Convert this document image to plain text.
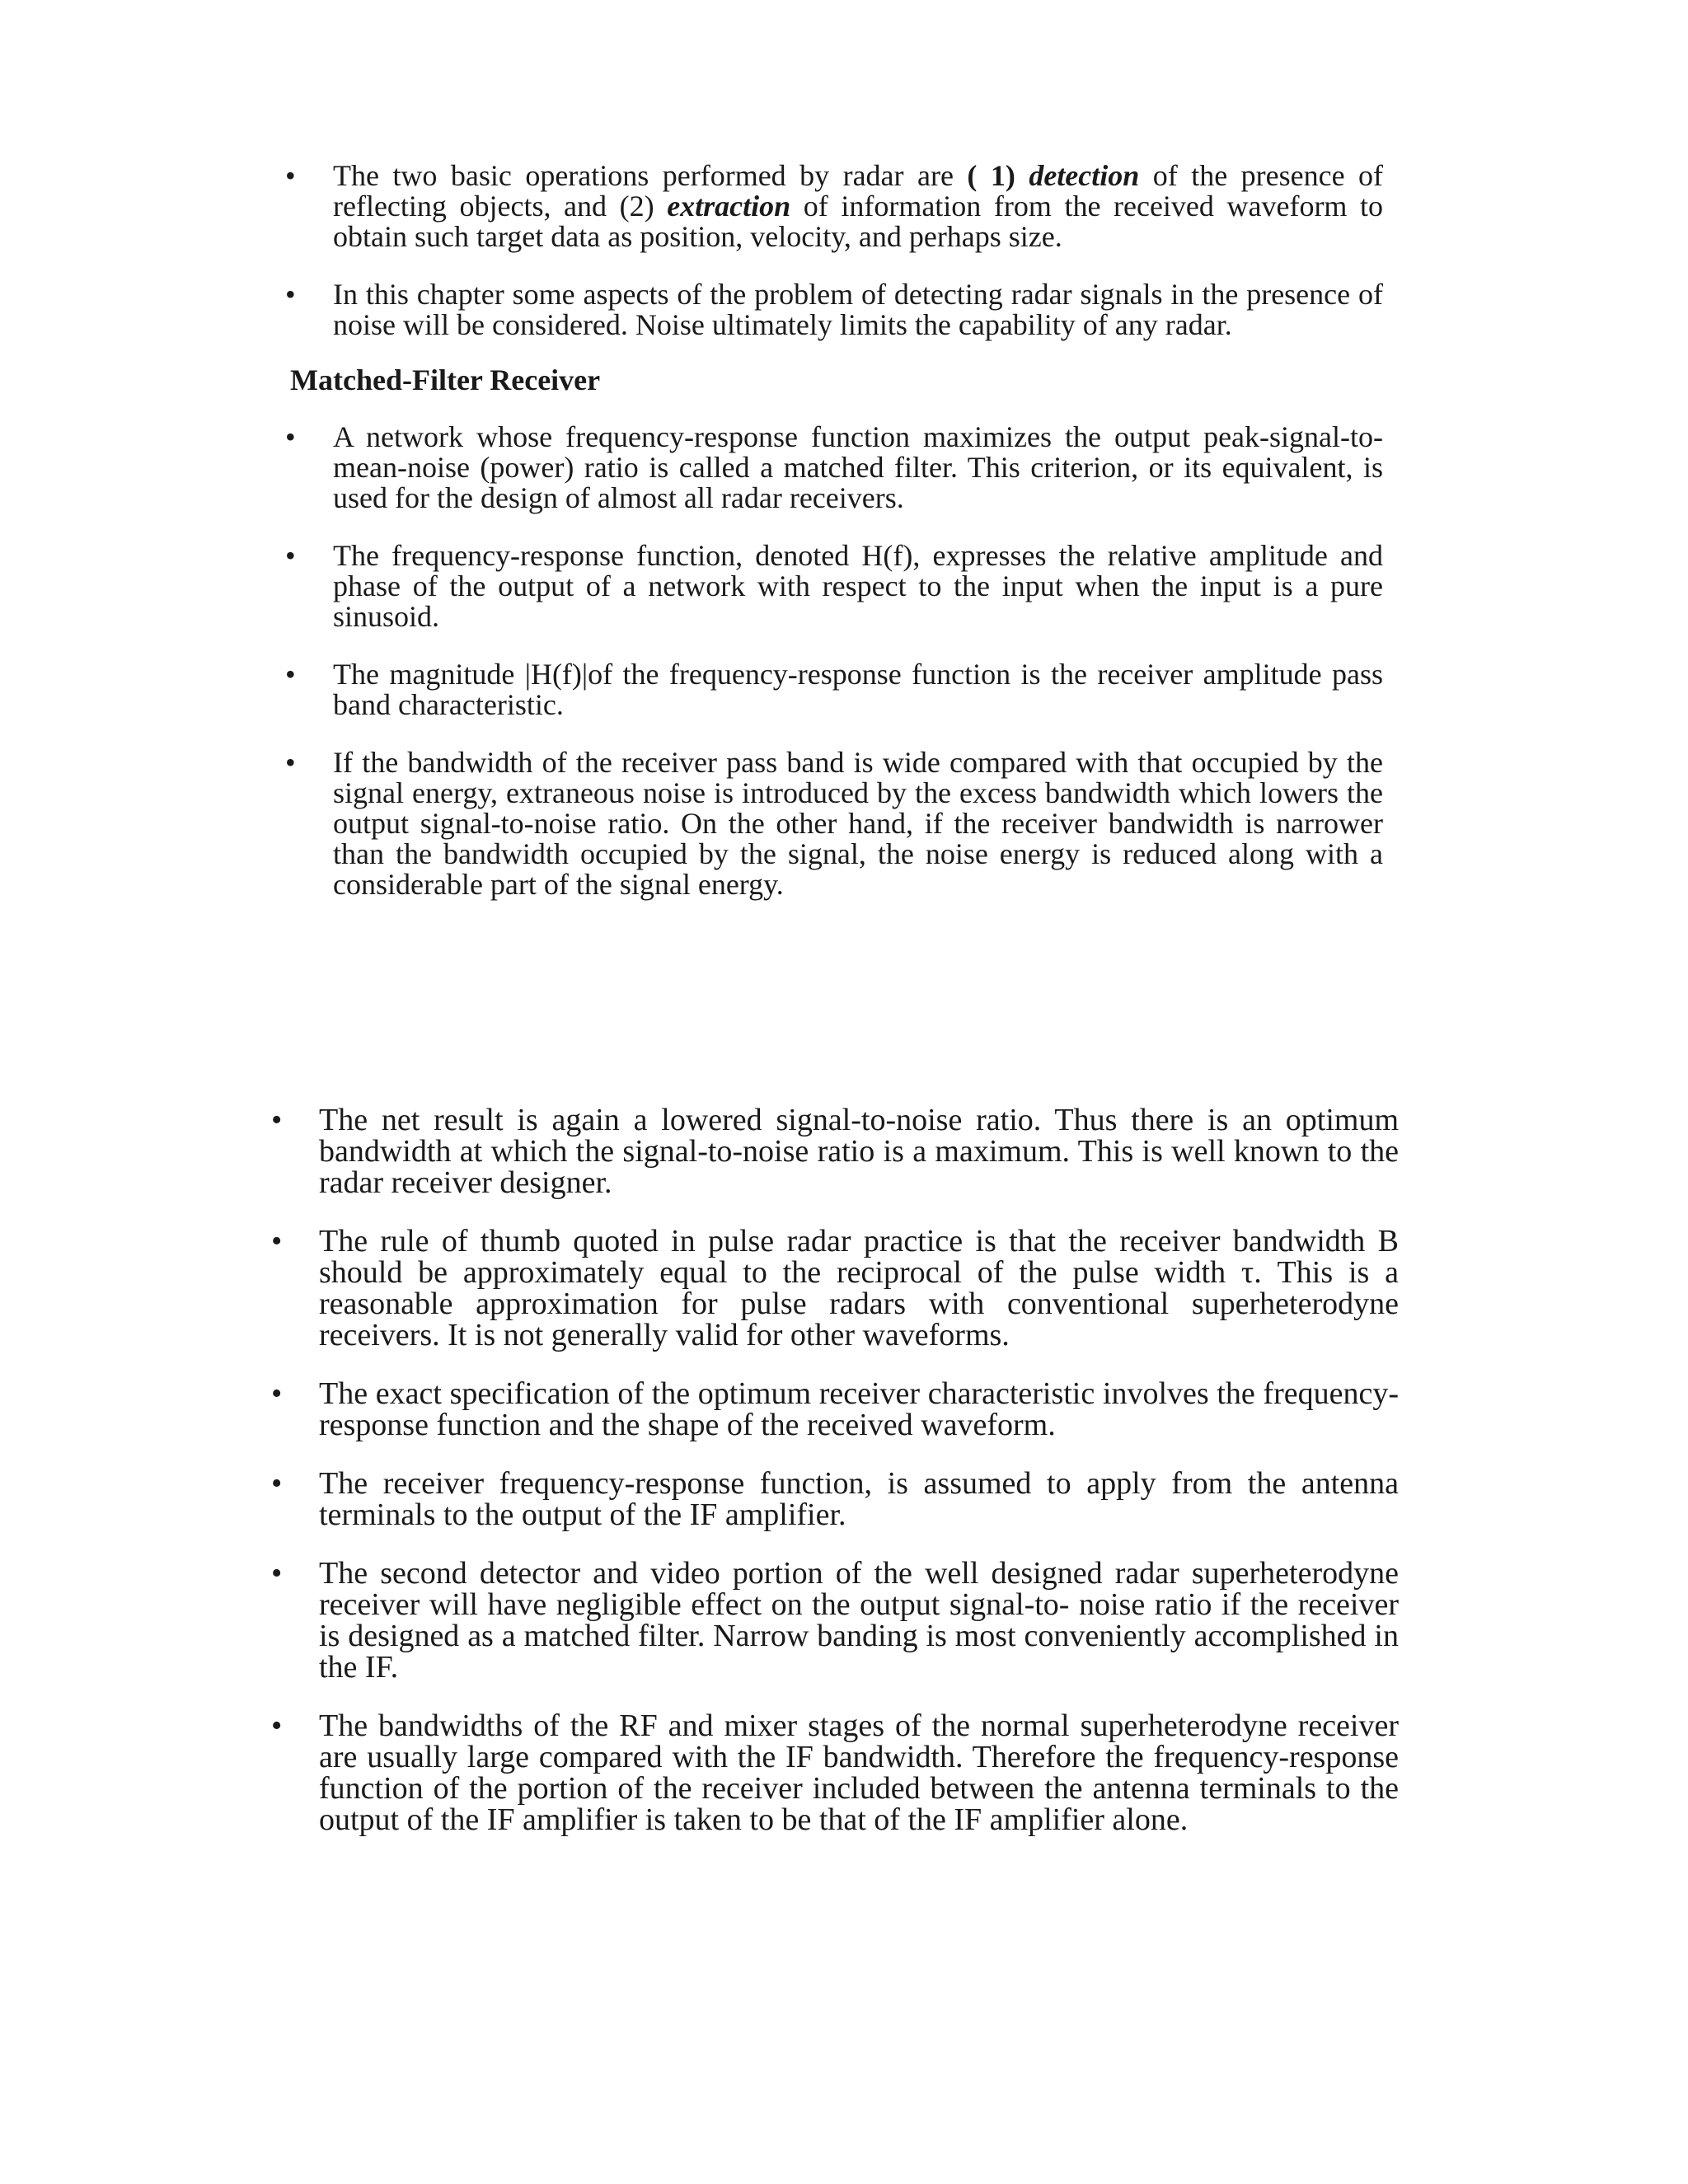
• The two basic operations performed by radar are ( 1) detection of the presence of reflecting objects, and (2) extraction of information from the received waveform to obtain such target data as position, velocity, and perhaps size.
• In this chapter some aspects of the problem of detecting radar signals in the presence of noise will be considered. Noise ultimately limits the capability of any radar.
Matched-Filter Receiver
• A network whose frequency-response function maximizes the output peak-signal-to- mean-noise (power) ratio is called a matched filter. This criterion, or its equivalent, is used for the design of almost all radar receivers.
• The frequency-response function, denoted H(f), expresses the relative amplitude and phase of the output of a network with respect to the input when the input is a pure sinusoid.
• The magnitude |H(f)|of the frequency-response function is the receiver amplitude pass band characteristic.
• If the bandwidth of the receiver pass band is wide compared with that occupied by the signal energy, extraneous noise is introduced by the excess bandwidth which lowers the output signal-to-noise ratio. On the other hand, if the receiver bandwidth is narrower than the bandwidth occupied by the signal, the noise energy is reduced along with a considerable part of the signal energy.
• The net result is again a lowered signal-to-noise ratio. Thus there is an optimum bandwidth at which the signal-to-noise ratio is a maximum. This is well known to the radar receiver designer.
• The rule of thumb quoted in pulse radar practice is that the receiver bandwidth B should be approximately equal to the reciprocal of the pulse width τ. This is a reasonable approximation for pulse radars with conventional superheterodyne receivers. It is not generally valid for other waveforms.
• The exact specification of the optimum receiver characteristic involves the frequency- response function and the shape of the received waveform.
• The receiver frequency-response function, is assumed to apply from the antenna terminals to the output of the IF amplifier.
• The second detector and video portion of the well designed radar superheterodyne receiver will have negligible effect on the output signal-to- noise ratio if the receiver is designed as a matched filter. Narrow banding is most conveniently accomplished in the IF.
• The bandwidths of the RF and mixer stages of the normal superheterodyne receiver are usually large compared with the IF bandwidth. Therefore the frequency-response function of the portion of the receiver included between the antenna terminals to the output of the IF amplifier is taken to be that of the IF amplifier alone.
